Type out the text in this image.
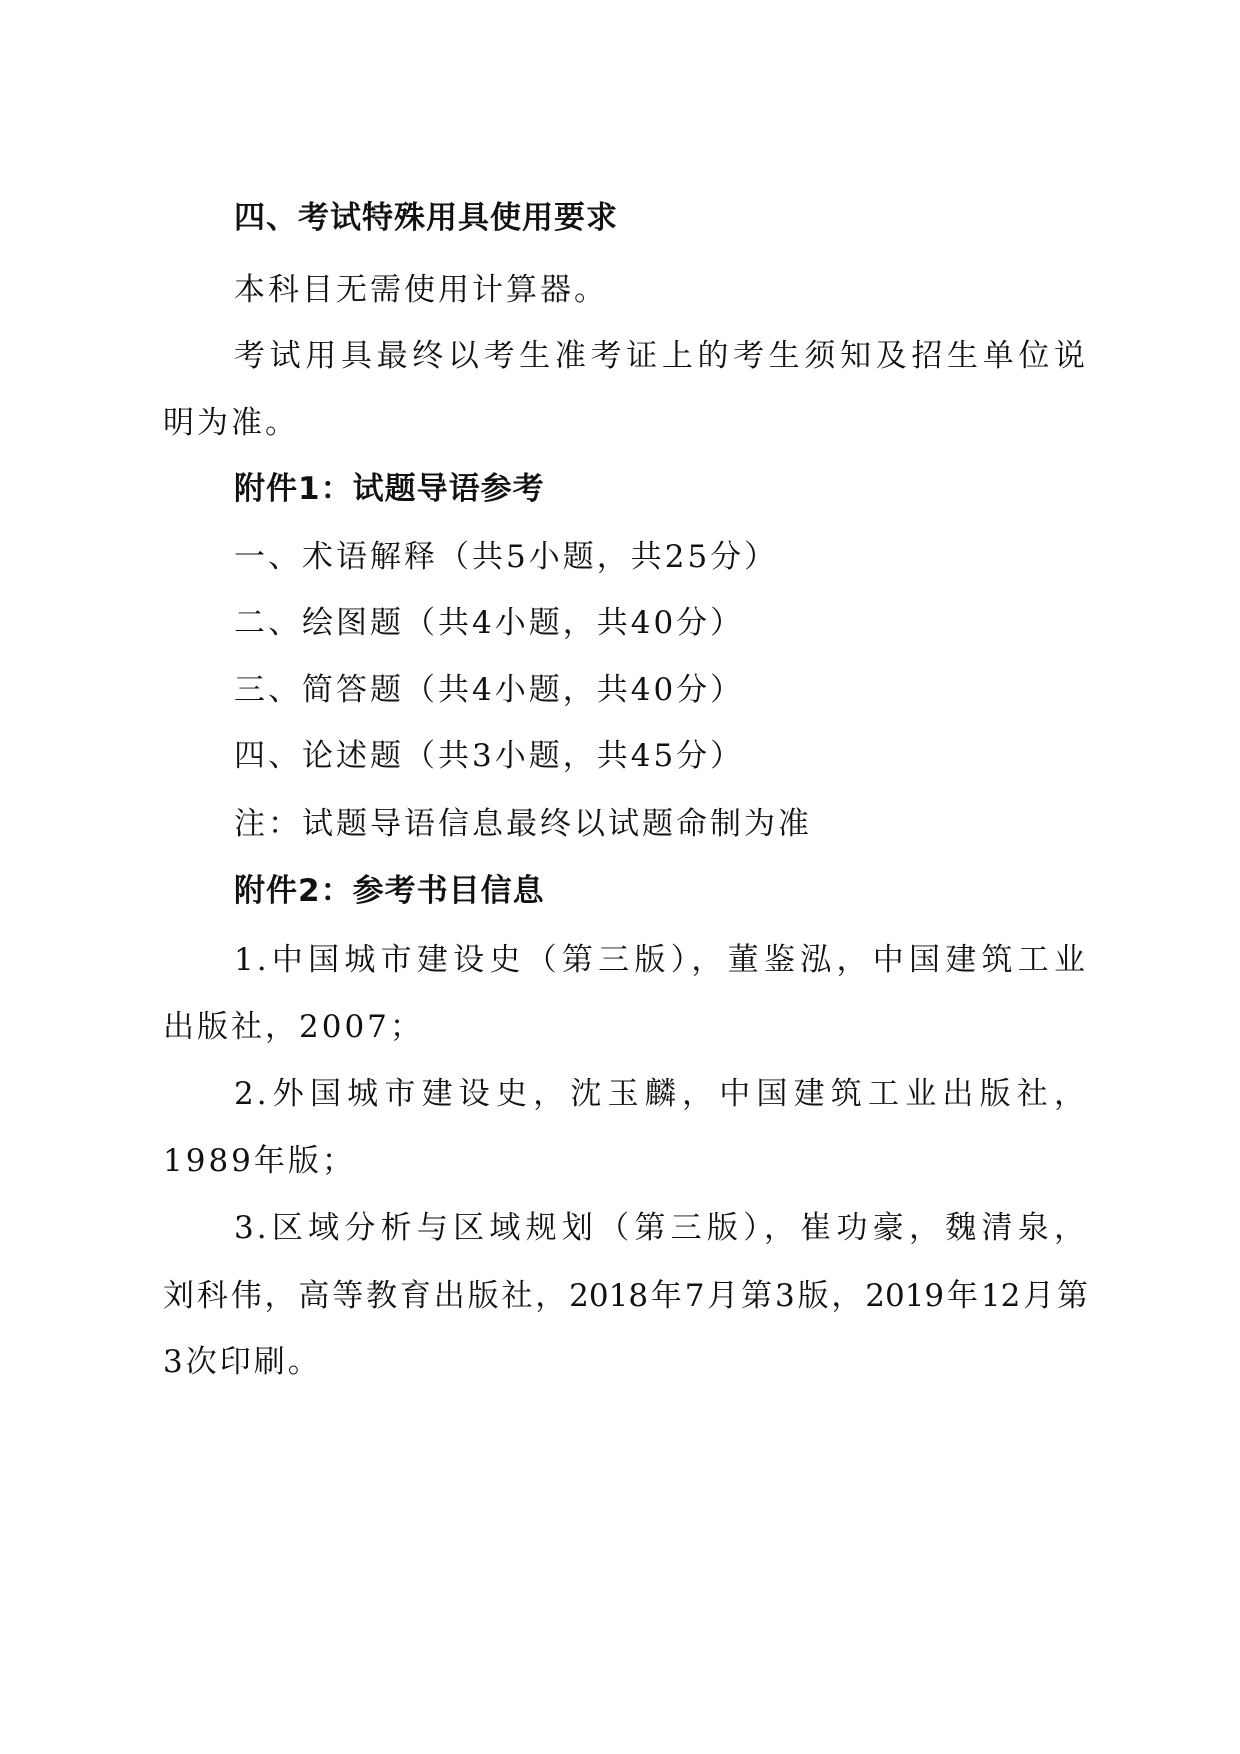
四、考试特殊用具使用要求
本科目无需使用计算器。
考试用具最终以考生准考证上的考生须知及招生单位说
明为准。
附件1：试题导语参考
一、术语解释（共5小题，共25分）
二、绘图题（共4小题，共40分）
三、简答题（共4小题，共40分）
四、论述题（共3小题，共45分）
注：试题导语信息最终以试题命制为准
附件2：参考书目信息
1.中国城市建设史（第三版），董鉴泓，中国建筑工业
出版社，2007；
2.外国城市建设史，沈玉麟，中国建筑工业出版社，
1989年版；
3.区域分析与区域规划（第三版），崔功豪，魏清泉，
刘科伟，高等教育出版社，2018年7月第3版，2019年12月第
3次印刷。
